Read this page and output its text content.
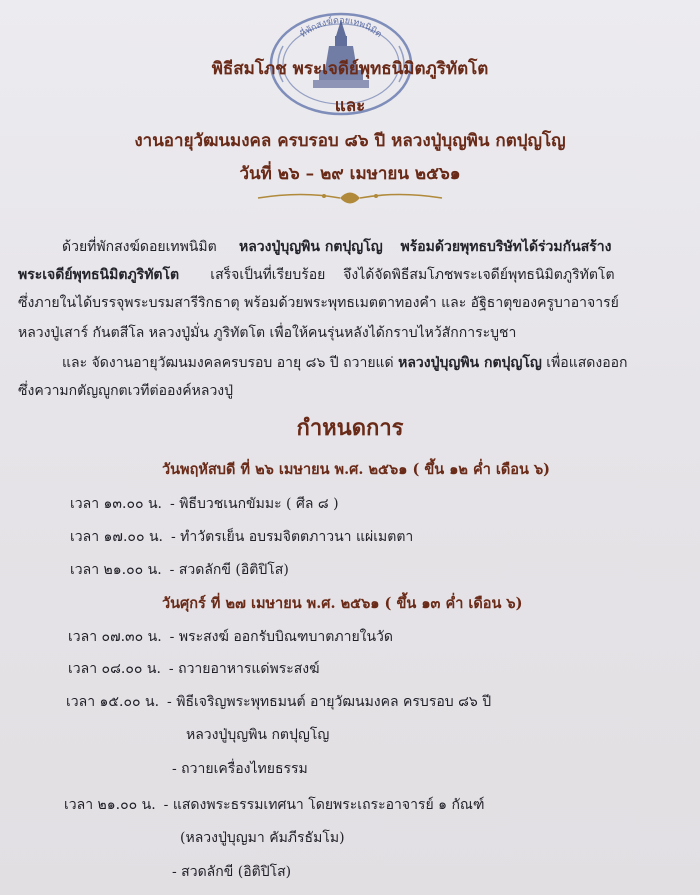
ที่พักสงฆ์ดอยเทพนิมิต
พิธีสมโภช พระเจดีย์พุทธนิมิตภูริทัตโต
และ
งานอายุวัฒนมงคล ครบรอบ ๘๖ ปี หลวงปู่บุญพิน กตปุญโญ
วันที่ ๒๖ – ๒๙ เมษายน ๒๕๖๑
ด้วยที่พักสงฆ์ดอยเทพนิมิต หลวงปู่บุญพิน กตปุญโญ พร้อมด้วยพุทธบริษัทได้ร่วมกันสร้าง
พระเจดีย์พุทธนิมิตภูริทัตโต เสร็จเป็นที่เรียบร้อย จึงได้จัดพิธีสมโภชพระเจดีย์พุทธนิมิตภูริทัตโต
ซึ่งภายในได้บรรจุพระบรมสารีริกธาตุ พร้อมด้วยพระพุทธเมตตาทองคำ และ อัฐิธาตุของครูบาอาจารย์
หลวงปู่เสาร์ กันตสีโล หลวงปู่มั่น ภูริทัตโต เพื่อให้คนรุ่นหลังได้กราบไหว้สักการะบูชา
และ จัดงานอายุวัฒนมงคลครบรอบ อายุ ๘๖ ปี ถวายแด่ หลวงปู่บุญพิน กตปุญโญ เพื่อแสดงออก
ซึ่งความกตัญญูกตเวทีต่อองค์หลวงปู่
กำหนดการ
วันพฤหัสบดี ที่ ๒๖ เมษายน พ.ศ. ๒๕๖๑ ( ขึ้น ๑๒ ค่ำ เดือน ๖)
เวลา ๑๓.๐๐ น. - พิธีบวชเนกขัมมะ ( ศีล ๘ )
เวลา ๑๗.๐๐ น. - ทำวัตรเย็น อบรมจิตตภาวนา แผ่เมตตา
เวลา ๒๑.๐๐ น. - สวดลักขี (อิติปิโส)
วันศุกร์ ที่ ๒๗ เมษายน พ.ศ. ๒๕๖๑ ( ขึ้น ๑๓ ค่ำ เดือน ๖)
เวลา ๐๗.๓๐ น. - พระสงฆ์ ออกรับบิณฑบาตภายในวัด
เวลา ๐๘.๐๐ น. - ถวายอาหารแด่พระสงฆ์
เวลา ๑๕.๐๐ น. - พิธีเจริญพระพุทธมนต์ อายุวัฒนมงคล ครบรอบ ๘๖ ปี
หลวงปู่บุญพิน กตปุญโญ
- ถวายเครื่องไทยธรรม
เวลา ๒๑.๐๐ น. - แสดงพระธรรมเทศนา โดยพระเถระอาจารย์ ๑ กัณฑ์
(หลวงปู่บุญมา คัมภีรธัมโม)
- สวดลักขี (อิติปิโส)
